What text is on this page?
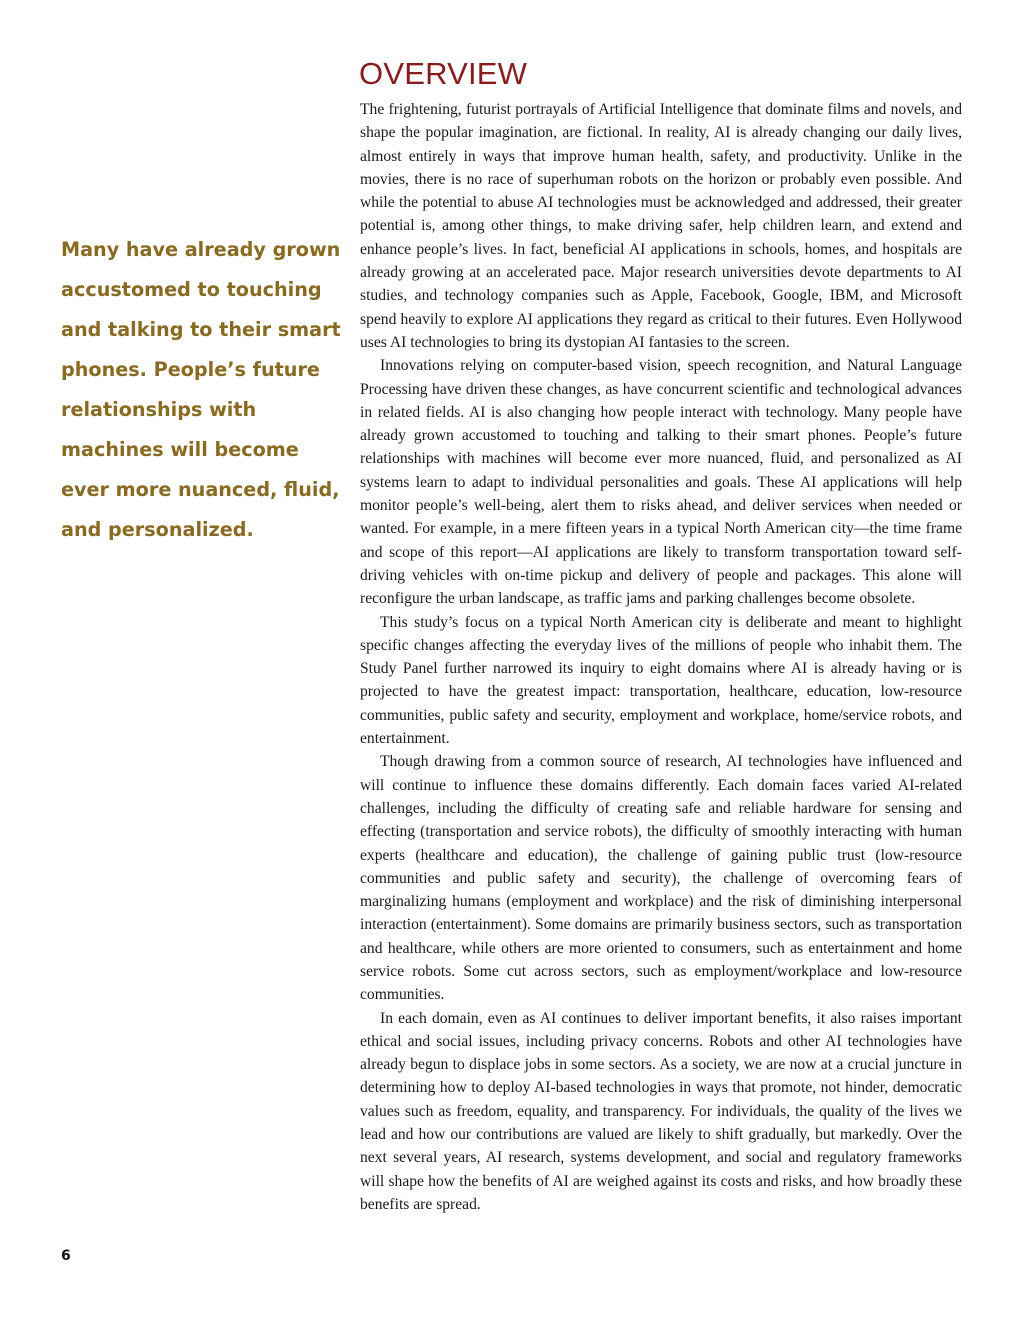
Many have already grown accustomed to touching and talking to their smart phones. People’s future relationships with machines will become ever more nuanced, fluid, and personalized.

OVERVIEW

The frightening, futurist portrayals of Artificial Intelligence that dominate films and novels, and shape the popular imagination, are fictional. In reality, AI is already changing our daily lives, almost entirely in ways that improve human health, safety, and productivity. Unlike in the movies, there is no race of superhuman robots on the horizon or probably even possible. And while the potential to abuse AI technologies must be acknowledged and addressed, their greater potential is, among other things, to make driving safer, help children learn, and extend and enhance people’s lives. In fact, beneficial AI applications in schools, homes, and hospitals are already growing at an accelerated pace. Major research universities devote departments to AI studies, and technology companies such as Apple, Facebook, Google, IBM, and Microsoft spend heavily to explore AI applications they regard as critical to their futures. Even Hollywood uses AI technologies to bring its dystopian AI fantasies to the screen.

Innovations relying on computer-based vision, speech recognition, and Natural Language Processing have driven these changes, as have concurrent scientific and technological advances in related fields. AI is also changing how people interact with technology. Many people have already grown accustomed to touching and talking to their smart phones. People’s future relationships with machines will become ever more nuanced, fluid, and personalized as AI systems learn to adapt to individual personalities and goals. These AI applications will help monitor people’s well-being, alert them to risks ahead, and deliver services when needed or wanted. For example, in a mere fifteen years in a typical North American city—the time frame and scope of this report—AI applications are likely to transform transportation toward self-driving vehicles with on-time pickup and delivery of people and packages. This alone will reconfigure the urban landscape, as traffic jams and parking challenges become obsolete.

This study’s focus on a typical North American city is deliberate and meant to highlight specific changes affecting the everyday lives of the millions of people who inhabit them. The Study Panel further narrowed its inquiry to eight domains where AI is already having or is projected to have the greatest impact: transportation, healthcare, education, low-resource communities, public safety and security, employment and workplace, home/service robots, and entertainment.

Though drawing from a common source of research, AI technologies have influenced and will continue to influence these domains differently. Each domain faces varied AI-related challenges, including the difficulty of creating safe and reliable hardware for sensing and effecting (transportation and service robots), the difficulty of smoothly interacting with human experts (healthcare and education), the challenge of gaining public trust (low-resource communities and public safety and security), the challenge of overcoming fears of marginalizing humans (employment and workplace) and the risk of diminishing interpersonal interaction (entertainment). Some domains are primarily business sectors, such as transportation and healthcare, while others are more oriented to consumers, such as entertainment and home service robots. Some cut across sectors, such as employment/workplace and low-resource communities.

In each domain, even as AI continues to deliver important benefits, it also raises important ethical and social issues, including privacy concerns. Robots and other AI technologies have already begun to displace jobs in some sectors. As a society, we are now at a crucial juncture in determining how to deploy AI-based technologies in ways that promote, not hinder, democratic values such as freedom, equality, and transparency. For individuals, the quality of the lives we lead and how our contributions are valued are likely to shift gradually, but markedly. Over the next several years, AI research, systems development, and social and regulatory frameworks will shape how the benefits of AI are weighed against its costs and risks, and how broadly these benefits are spread.

6
